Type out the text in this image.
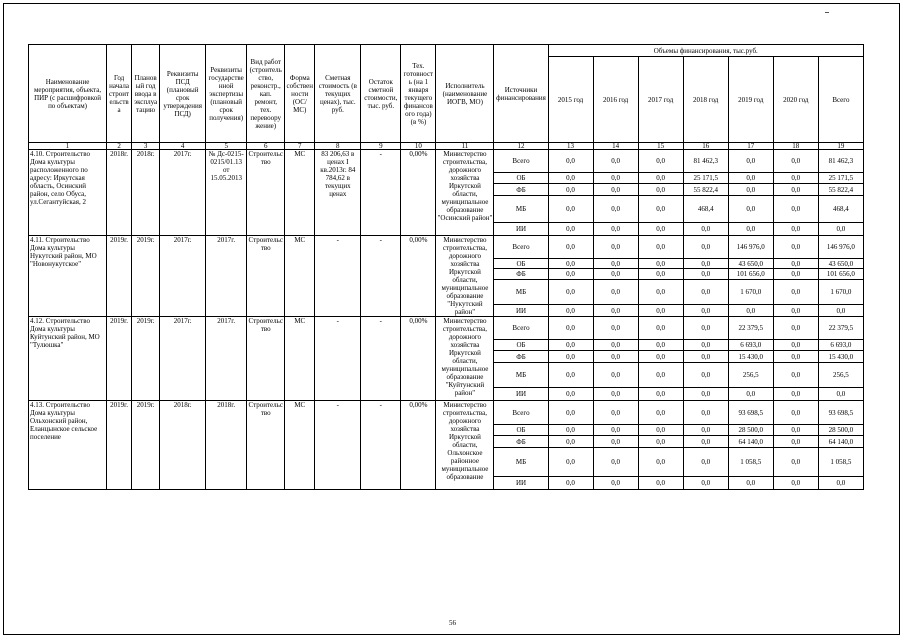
Наименование мероприятия, объекта, ПИР (с расшифровкой по объектам)	Год начала строительства	Плановый год ввода в эксплуатацию	Реквизиты ПСД (плановый срок утверждения ПСД)	Реквизиты государственной экспертизы (плановый срок получения)	Вид работ (строительство, реконстр., кап. ремонт, тех. перевооружение)	Форма собственности (ОС/МС)	Сметная стоимость (в текущих ценах), тыс. руб.	Остаток сметной стоимости, тыс. руб.	Тех. готовность (на 1 января текущего финансового года) (в %)	Исполнитель (наименование ИОГВ, МО)	Источники финансирования	Объемы финансирования, тыс.руб.						
												2015 год	2016 год	2017 год	2018 год	2019 год	2020 год	Всего
1	2	3	4	5	6	7	8	9	10	11	12	13	14	15	16	17	18	19
4.10. Строительство Дома культуры расположенного по адресу: Иркутская область, Осинский район, село Обуса, ул.Сегантуйская, 2	2018г.	2018г.	2017г.	№ Дс-0215-0215/01.13 от 15.05.2013	Строительство	МС	83 206,63 в ценах I кв.2013г. 84 784,62 в текущих ценах	-	0,00%	Министерство строительства, дорожного хозяйства Иркутской области, муниципальное образование "Осинский район"	Всего	0,0	0,0	0,0	81 462,3	0,0	0,0	81 462,3
											ОБ	0,0	0,0	0,0	25 171,5	0,0	0,0	25 171,5
											ФБ	0,0	0,0	0,0	55 822,4	0,0	0,0	55 822,4
											МБ	0,0	0,0	0,0	468,4	0,0	0,0	468,4
											ИИ	0,0	0,0	0,0	0,0	0,0	0,0	0,0
4.11. Строительство Дома культуры Нукутский район, МО "Новонукутское"	2019г.	2019г.	2017г.	2017г.	Строительство	МС	-	-	0,00%	Министерство строительства, дорожного хозяйства Иркутской области, муниципальное образование "Нукутский район"	Всего	0,0	0,0	0,0	0,0	146 976,0	0,0	146 976,0
											ОБ	0,0	0,0	0,0	0,0	43 650,0	0,0	43 650,0
											ФБ	0,0	0,0	0,0	0,0	101 656,0	0,0	101 656,0
											МБ	0,0	0,0	0,0	0,0	1 670,0	0,0	1 670,0
											ИИ	0,0	0,0	0,0	0,0	0,0	0,0	0,0
4.12. Строительство Дома культуры Куйтунский район, МО "Тулюшка"	2019г.	2019г.	2017г.	2017г.	Строительство	МС	-	-	0,00%	Министерство строительства, дорожного хозяйства Иркутской области, муниципальное образование "Куйтунский район"	Всего	0,0	0,0	0,0	0,0	22 379,5	0,0	22 379,5
											ОБ	0,0	0,0	0,0	0,0	6 693,0	0,0	6 693,0
											ФБ	0,0	0,0	0,0	0,0	15 430,0	0,0	15 430,0
											МБ	0,0	0,0	0,0	0,0	256,5	0,0	256,5
											ИИ	0,0	0,0	0,0	0,0	0,0	0,0	0,0
4.13. Строительство Дома культуры Ольхонский район, Еланцынское сельское поселение	2019г.	2019г.	2018г.	2018г.	Строительство	МС	-	-	0,00%	Министерство строительства, дорожного хозяйства Иркутской области, Ольхонское районное муниципальное образование	Всего	0,0	0,0	0,0	0,0	93 698,5	0,0	93 698,5
											ОБ	0,0	0,0	0,0	0,0	28 500,0	0,0	28 500,0
											ФБ	0,0	0,0	0,0	0,0	64 140,0	0,0	64 140,0
											МБ	0,0	0,0	0,0	0,0	1 058,5	0,0	1 058,5
											ИИ	0,0	0,0	0,0	0,0	0,0	0,0	0,0
56
